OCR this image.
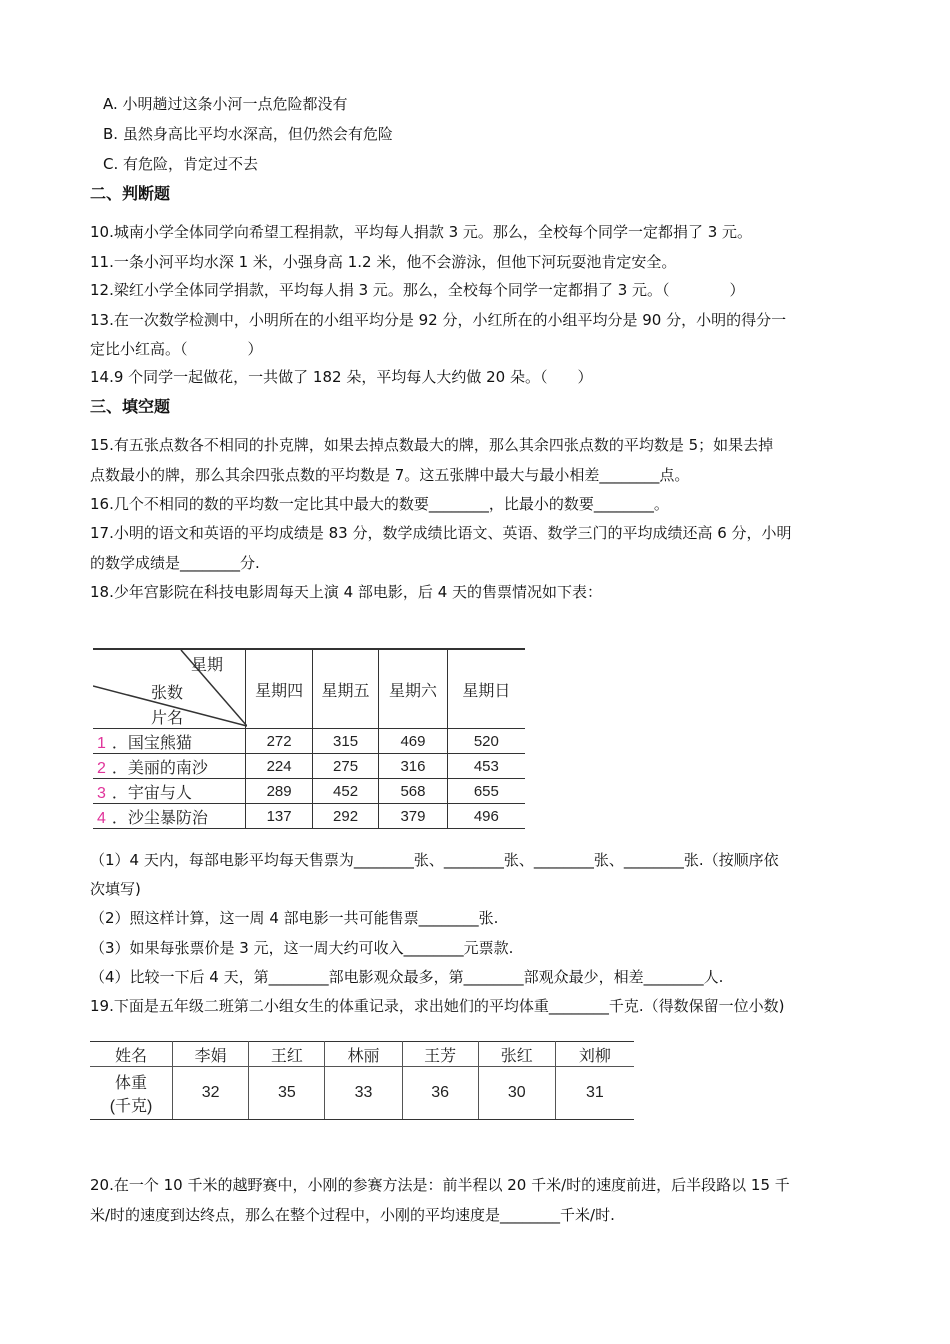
A. 小明趟过这条小河一点危险都没有
B. 虽然身高比平均水深高，但仍然会有危险
C. 有危险，肯定过不去
二、判断题
10.城南小学全体同学向希望工程捐款，平均每人捐款 3 元。那么，全校每个同学一定都捐了 3 元。
11.一条小河平均水深 1 米，小强身高 1.2 米，他不会游泳，但他下河玩耍池肯定安全。
12.梁红小学全体同学捐款，平均每人捐 3 元。那么，全校每个同学一定都捐了 3 元。（　　　　）
13.在一次数学检测中，小明所在的小组平均分是 92 分，小红所在的小组平均分是 90 分，小明的得分一
定比小红高。（　　　　）
14.9 个同学一起做花，一共做了 182 朵，平均每人大约做 20 朵。（　　）
三、填空题
15.有五张点数各不相同的扑克牌，如果去掉点数最大的牌，那么其余四张点数的平均数是 5；如果去掉
点数最小的牌，那么其余四张点数的平均数是 7。这五张牌中最大与最小相差________点。
16.几个不相同的数的平均数一定比其中最大的数要________，比最小的数要________。
17.小明的语文和英语的平均成绩是 83 分，数学成绩比语文、英语、数学三门的平均成绩还高 6 分，小明
的数学成绩是________分.
18.少年宫影院在科技电影周每天上演 4 部电影，后 4 天的售票情况如下表：
星期
张数
片名	星期四	星期五	星期六	星期日
1 ．国宝熊猫	272	315	469	520
2 ．美丽的南沙	224	275	316	453
3 ．宇宙与人	289	452	568	655
4 ．沙尘暴防治	137	292	379	496
（1）4 天内，每部电影平均每天售票为________张、________张、________张、________张.（按顺序依
次填写)
（2）照这样计算，这一周 4 部电影一共可能售票________张.
（3）如果每张票价是 3 元，这一周大约可收入________元票款.
（4）比较一下后 4 天，第________部电影观众最多，第________部观众最少，相差________人.
19.下面是五年级二班第二小组女生的体重记录，求出她们的平均体重________千克.（得数保留一位小数)
姓名	李娟	王红	林丽	王芳	张红	刘柳

体重
(千克)	32	35	33	36	30	31
20.在一个 10 千米的越野赛中，小刚的参赛方法是：前半程以 20 千米/时的速度前进，后半段路以 15 千
米/时的速度到达终点，那么在整个过程中，小刚的平均速度是________千米/时.
